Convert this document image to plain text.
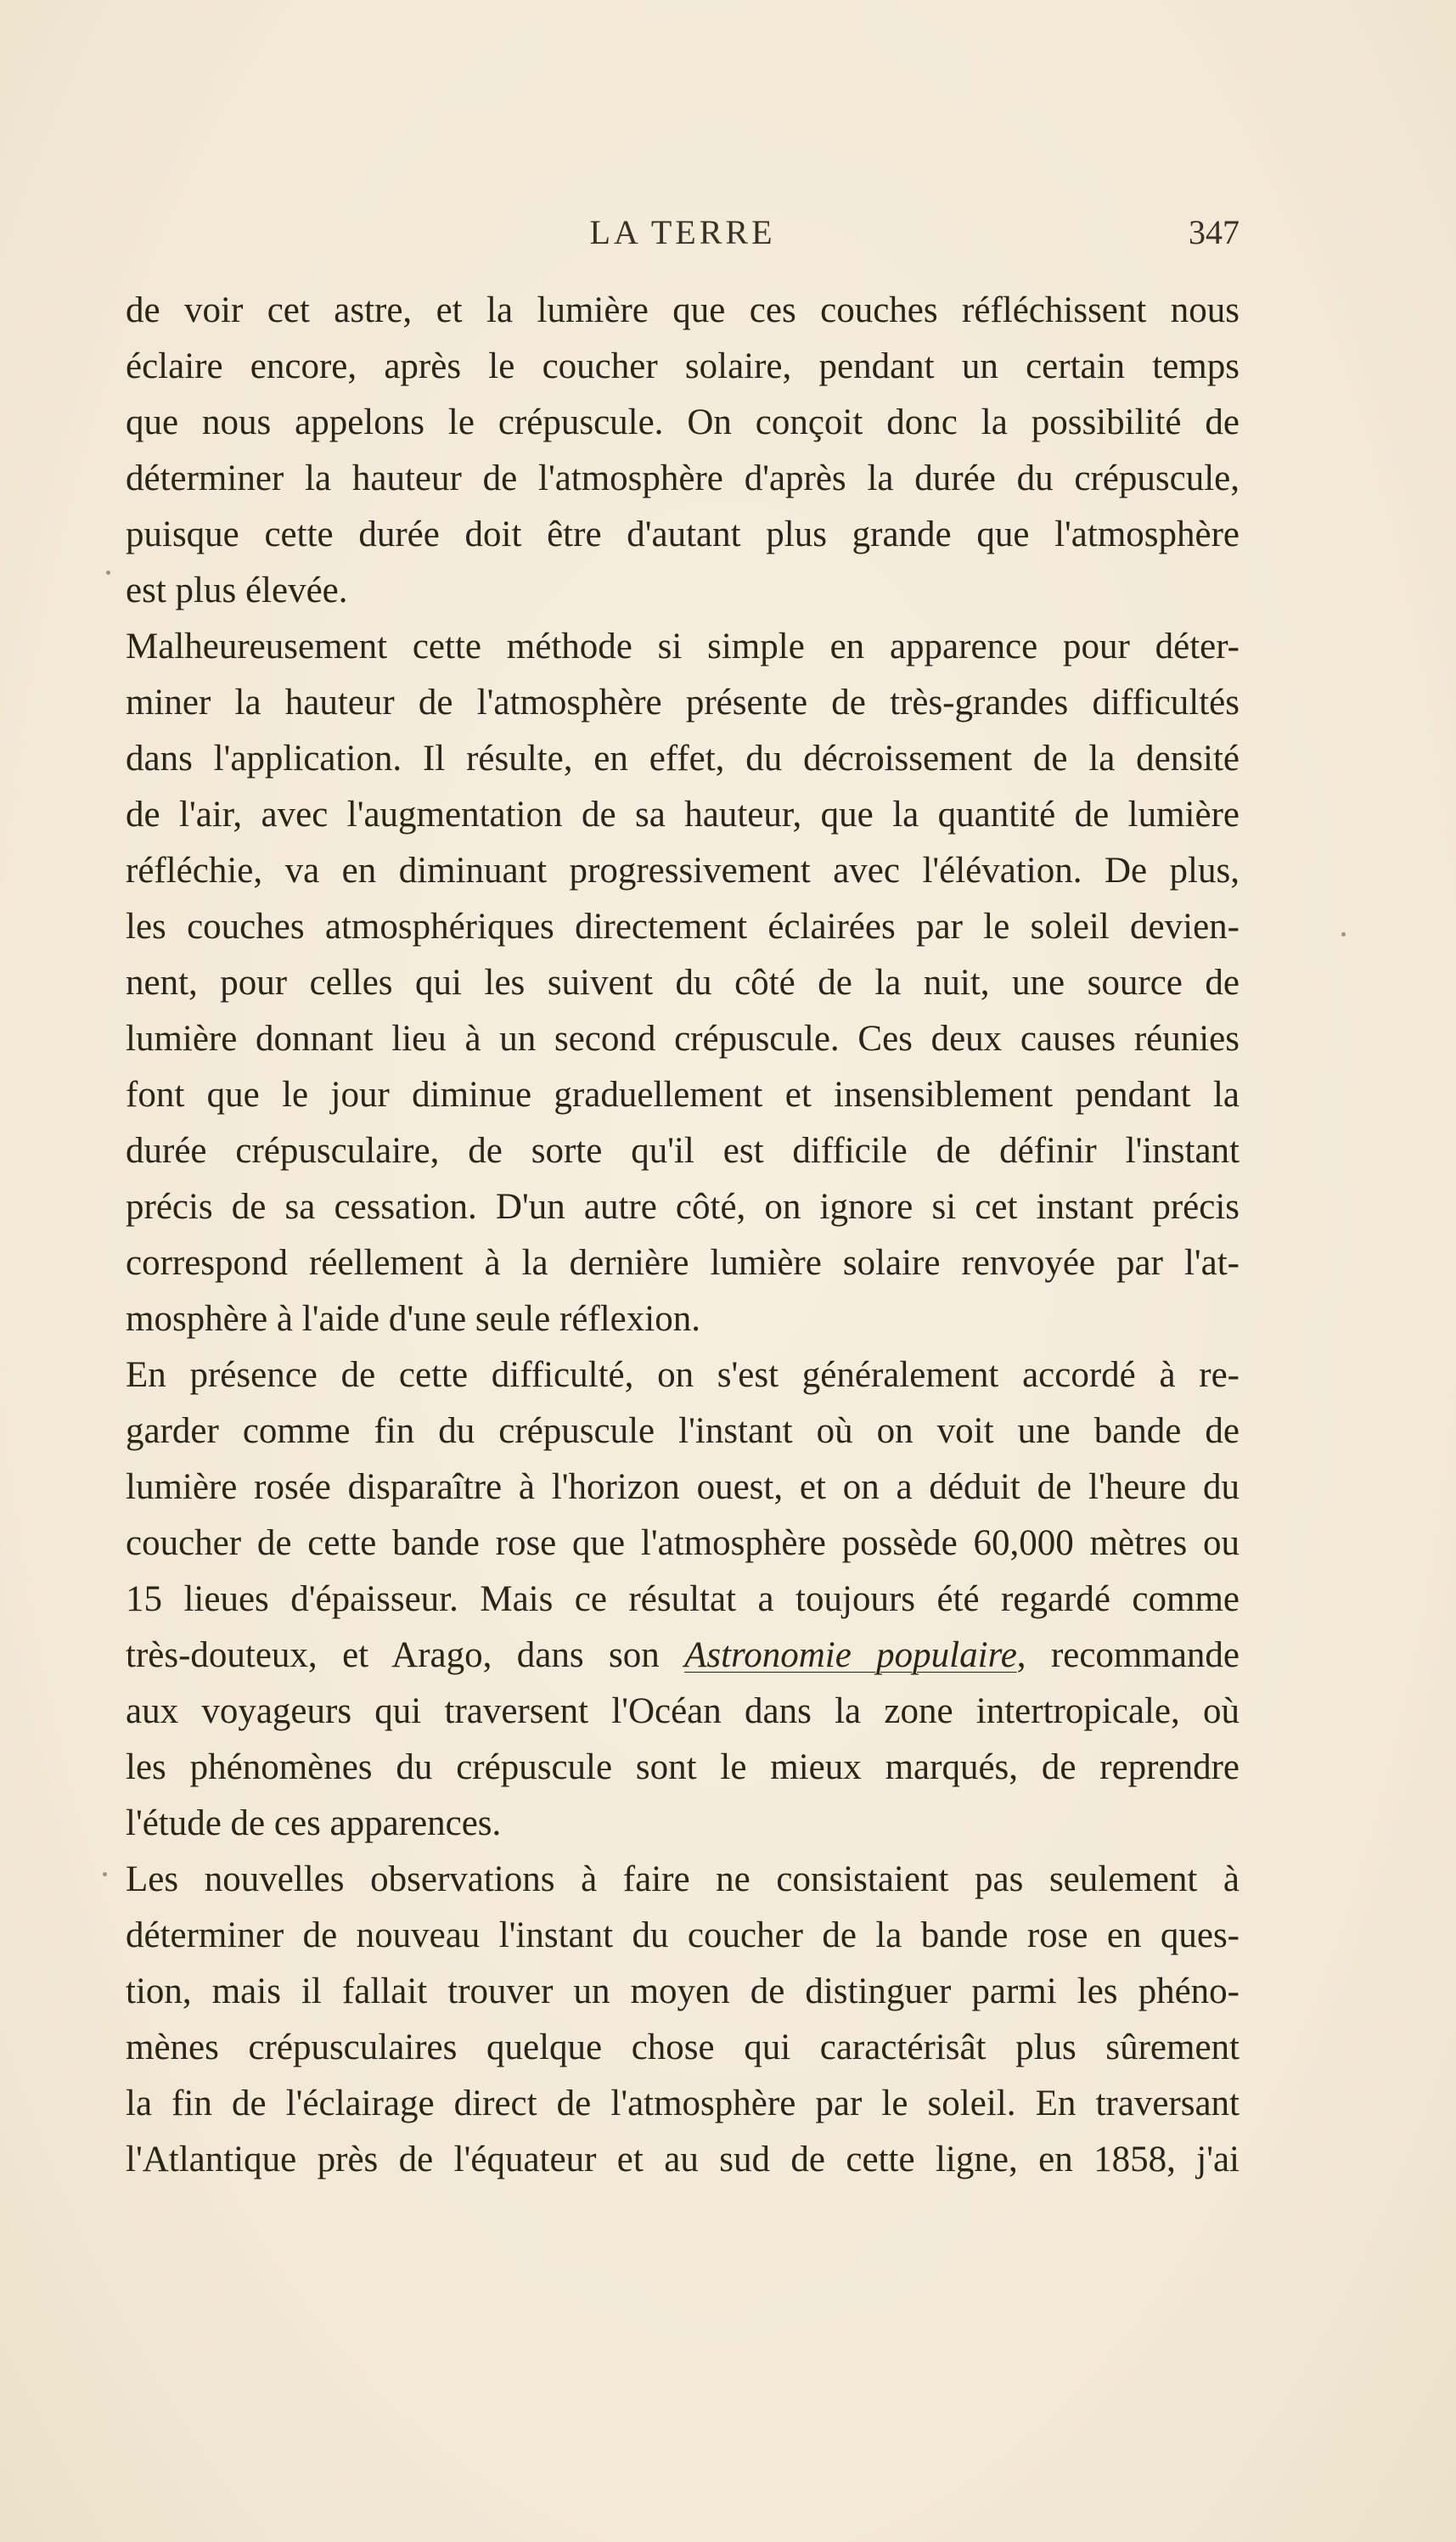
LA TERRE	347
de voir cet astre, et la lumière que ces couches réfléchissent nous
éclaire encore, après le coucher solaire, pendant un certain temps
que nous appelons le crépuscule. On conçoit donc la possibilité de
déterminer la hauteur de l'atmosphère d'après la durée du crépuscule,
puisque cette durée doit être d'autant plus grande que l'atmosphère
est plus élevée.
Malheureusement cette méthode si simple en apparence pour déter-
miner la hauteur de l'atmosphère présente de très-grandes difficultés
dans l'application. Il résulte, en effet, du décroissement de la densité
de l'air, avec l'augmentation de sa hauteur, que la quantité de lumière
réfléchie, va en diminuant progressivement avec l'élévation. De plus,
les couches atmosphériques directement éclairées par le soleil devien-
nent, pour celles qui les suivent du côté de la nuit, une source de
lumière donnant lieu à un second crépuscule. Ces deux causes réunies
font que le jour diminue graduellement et insensiblement pendant la
durée crépusculaire, de sorte qu'il est difficile de définir l'instant
précis de sa cessation. D'un autre côté, on ignore si cet instant précis
correspond réellement à la dernière lumière solaire renvoyée par l'at-
mosphère à l'aide d'une seule réflexion.
En présence de cette difficulté, on s'est généralement accordé à re-
garder comme fin du crépuscule l'instant où on voit une bande de
lumière rosée disparaître à l'horizon ouest, et on a déduit de l'heure du
coucher de cette bande rose que l'atmosphère possède 60,000 mètres ou
15 lieues d'épaisseur. Mais ce résultat a toujours été regardé comme
très-douteux, et Arago, dans son Astronomie populaire, recommande
aux voyageurs qui traversent l'Océan dans la zone intertropicale, où
les phénomènes du crépuscule sont le mieux marqués, de reprendre
l'étude de ces apparences.
Les nouvelles observations à faire ne consistaient pas seulement à
déterminer de nouveau l'instant du coucher de la bande rose en ques-
tion, mais il fallait trouver un moyen de distinguer parmi les phéno-
mènes crépusculaires quelque chose qui caractérisât plus sûrement
la fin de l'éclairage direct de l'atmosphère par le soleil. En traversant
l'Atlantique près de l'équateur et au sud de cette ligne, en 1858, j'ai
